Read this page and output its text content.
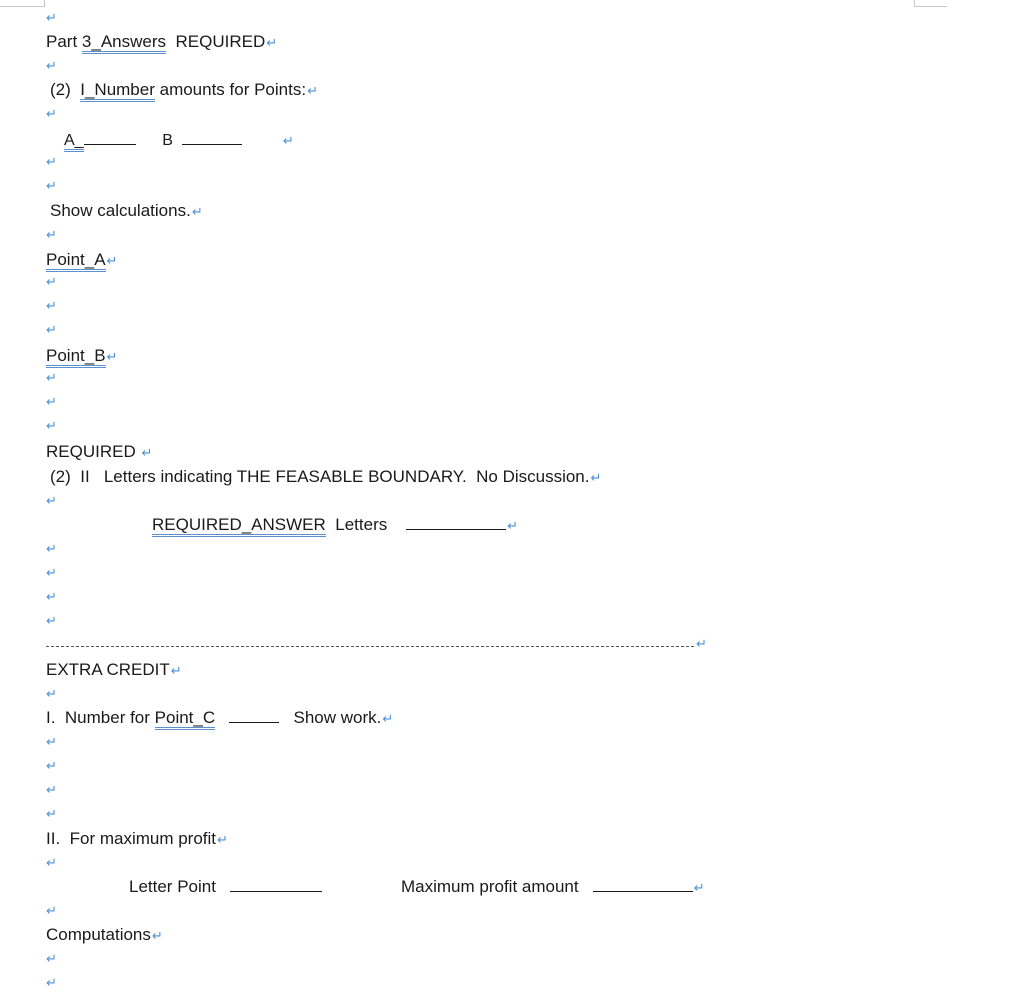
↵
Part 3_Answers REQUIRED↵
↵
(2) I_Number amounts for Points:↵
↵
A_	B	↵
↵
↵
Show calculations.↵
↵
Point_A↵
↵
↵
↵
Point_B↵
↵
↵
↵
REQUIRED ↵
(2)  II   Letters indicating THE FEASABLE BOUNDARY.  No Discussion.↵
↵
REQUIRED_ANSWER Letters	↵
↵
↵
↵
↵
↵
EXTRA CREDIT↵
↵
I.  Number for Point_C	Show work.↵
↵
↵
↵
↵
II.  For maximum profit↵
↵
Letter Point	Maximum profit amount	↵
↵
Computations↵
↵
↵
